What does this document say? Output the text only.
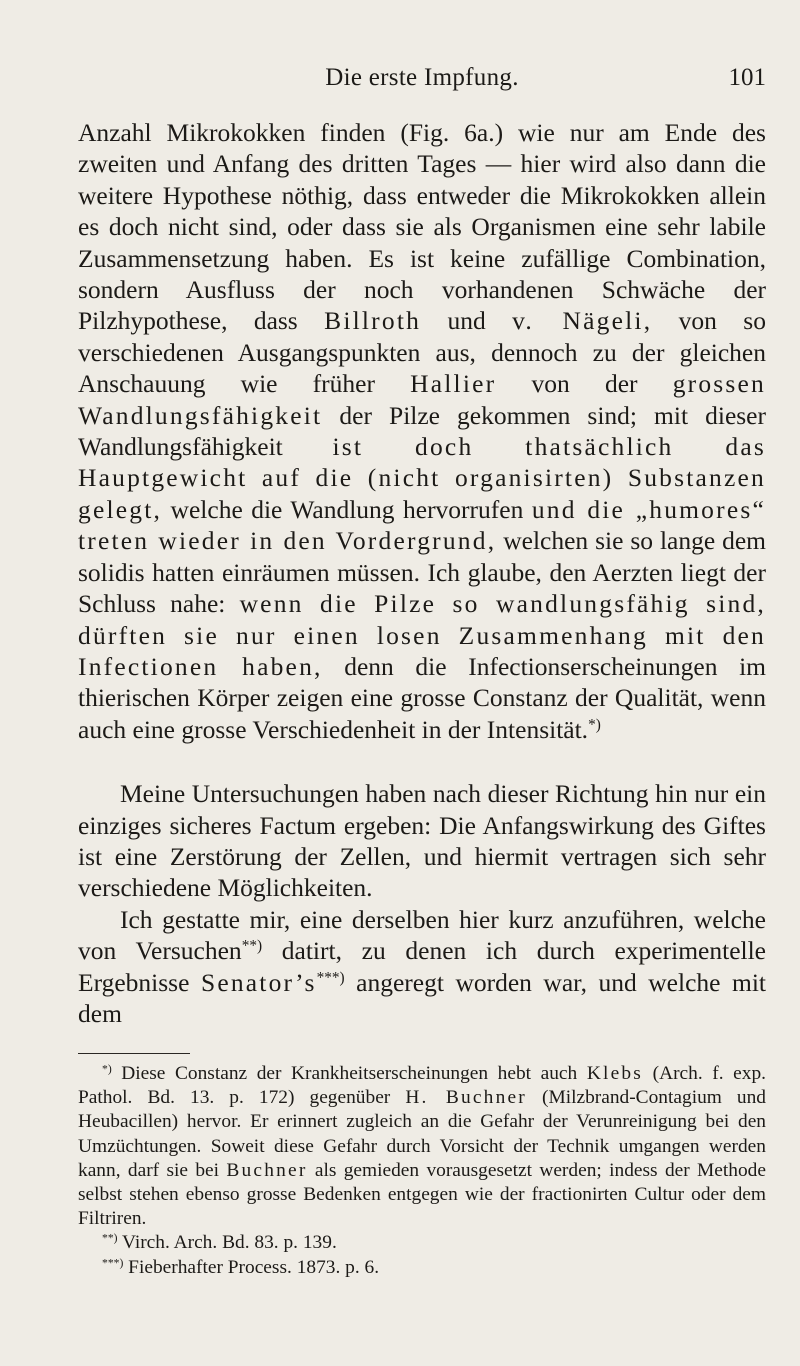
Die erste Impfung.	101

Anzahl Mikrokokken finden (Fig. 6a.) wie nur am Ende des zweiten und Anfang des dritten Tages — hier wird also dann die weitere Hypothese nöthig, dass entweder die Mikrokokken allein es doch nicht sind, oder dass sie als Organismen eine sehr labile Zusammensetzung haben. Es ist keine zufällige Combination, sondern Ausfluss der noch vorhandenen Schwäche der Pilzhypothese, dass Billroth und v. Nägeli, von so verschiedenen Ausgangspunkten aus, dennoch zu der gleichen Anschauung wie früher Hallier von der grossen Wandlungsfähigkeit der Pilze gekommen sind; mit dieser Wandlungsfähigkeit ist doch thatsächlich das Hauptgewicht auf die (nicht organisirten) Substanzen gelegt, welche die Wandlung hervorrufen und die „humores“ treten wieder in den Vordergrund, welchen sie so lange dem solidis hatten einräumen müssen. Ich glaube, den Aerzten liegt der Schluss nahe: wenn die Pilze so wandlungsfähig sind, dürften sie nur einen losen Zusammenhang mit den Infectionen haben, denn die Infectionserscheinungen im thierischen Körper zeigen eine grosse Constanz der Qualität, wenn auch eine grosse Verschiedenheit in der Intensität.*)

Meine Untersuchungen haben nach dieser Richtung hin nur ein einziges sicheres Factum ergeben: Die Anfangswirkung des Giftes ist eine Zerstörung der Zellen, und hiermit vertragen sich sehr verschiedene Möglichkeiten.

Ich gestatte mir, eine derselben hier kurz anzuführen, welche von Versuchen**) datirt, zu denen ich durch experimentelle Ergebnisse Senator’s***) angeregt worden war, und welche mit dem

*) Diese Constanz der Krankheitserscheinungen hebt auch Klebs (Arch. f. exp. Pathol. Bd. 13. p. 172) gegenüber H. Buchner (Milzbrand-Contagium und Heubacillen) hervor. Er erinnert zugleich an die Gefahr der Verunreinigung bei den Umzüchtungen. Soweit diese Gefahr durch Vorsicht der Technik umgangen werden kann, darf sie bei Buchner als gemieden vorausgesetzt werden; indess der Methode selbst stehen ebenso grosse Bedenken entgegen wie der fractionirten Cultur oder dem Filtriren.

**) Virch. Arch. Bd. 83. p. 139.

***) Fieberhafter Process. 1873. p. 6.
